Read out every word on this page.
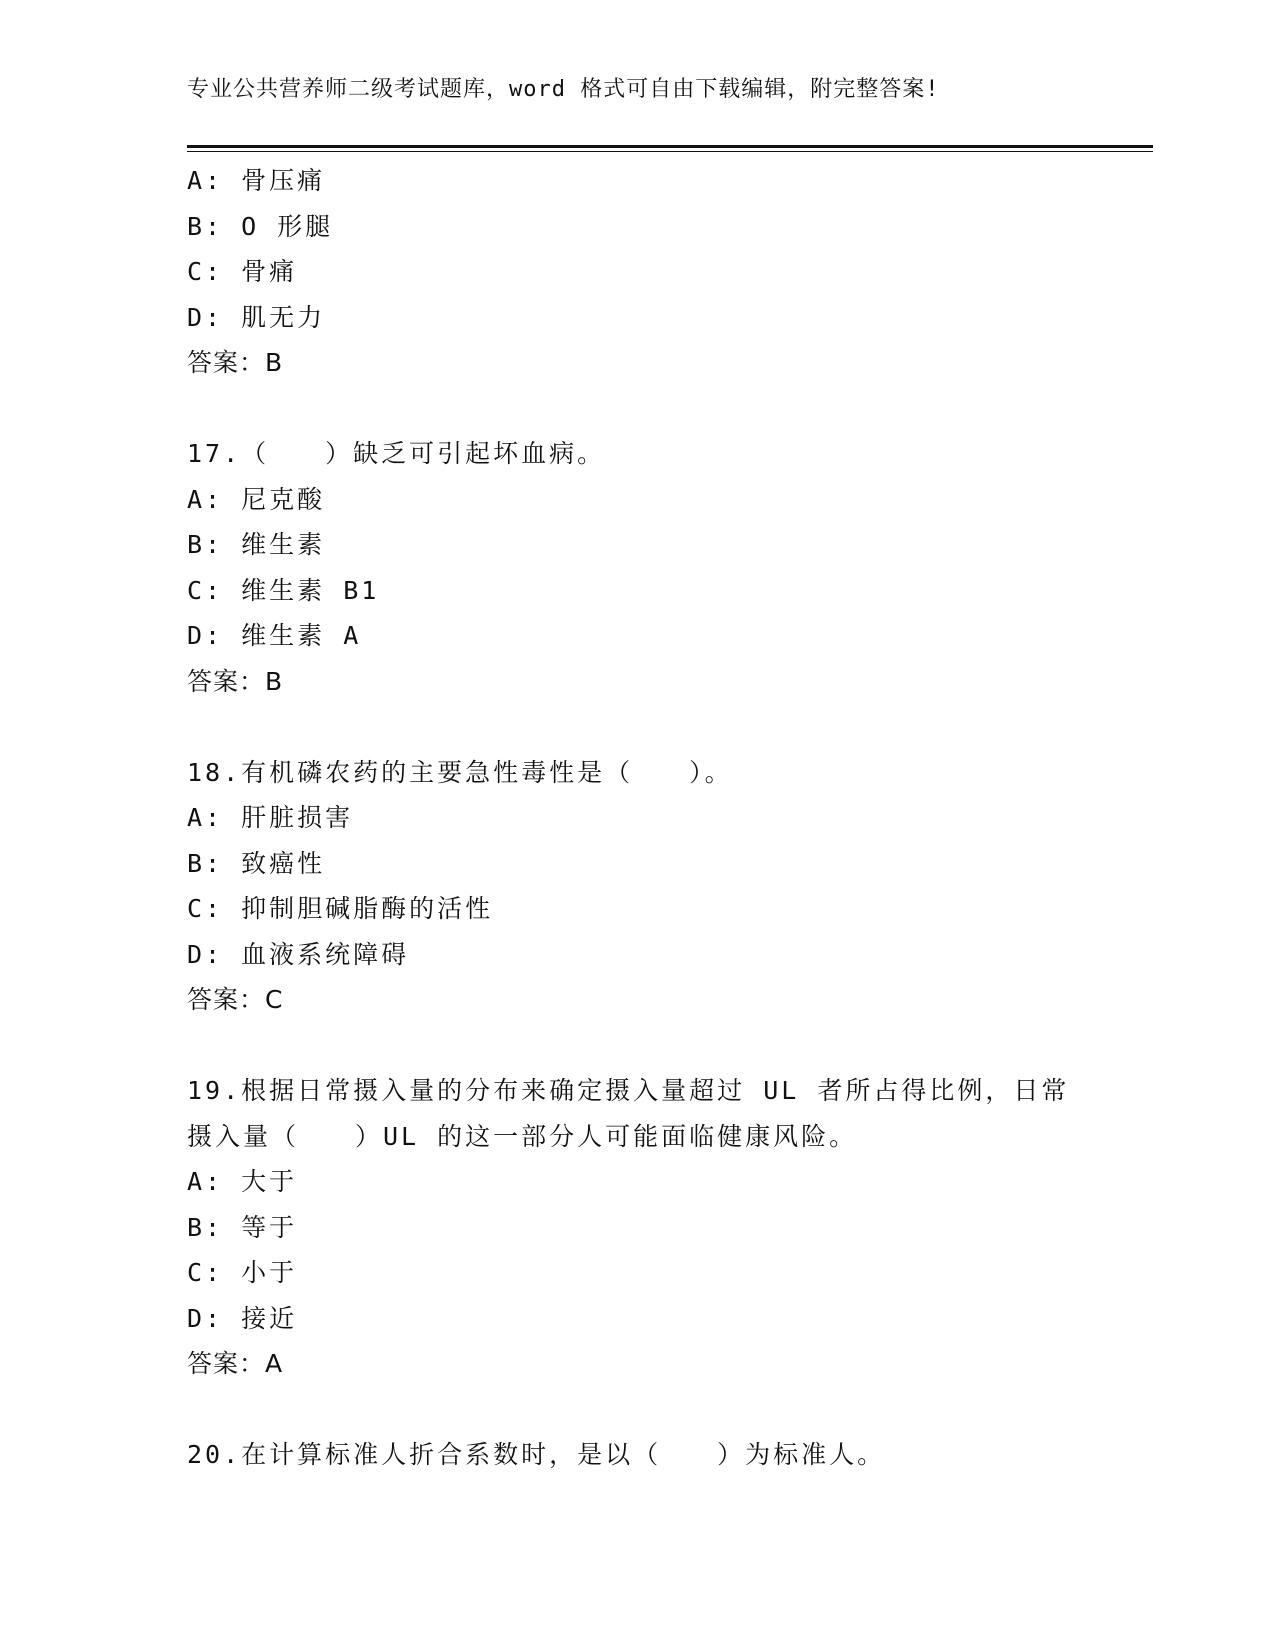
专业公共营养师二级考试题库，word 格式可自由下载编辑，附完整答案!
A: 骨压痛
B: O 形腿
C: 骨痛
D: 肌无力
答案：B
17.（　　）缺乏可引起坏血病。
A: 尼克酸
B: 维生素
C: 维生素 B1
D: 维生素 A
答案：B
18.有机磷农药的主要急性毒性是（　　）。
A: 肝脏损害
B: 致癌性
C: 抑制胆碱脂酶的活性
D: 血液系统障碍
答案：C
19.根据日常摄入量的分布来确定摄入量超过 UL 者所占得比例，日常
摄入量（　　）UL 的这一部分人可能面临健康风险。
A: 大于
B: 等于
C: 小于
D: 接近
答案：A
20.在计算标准人折合系数时，是以（　　）为标准人。
